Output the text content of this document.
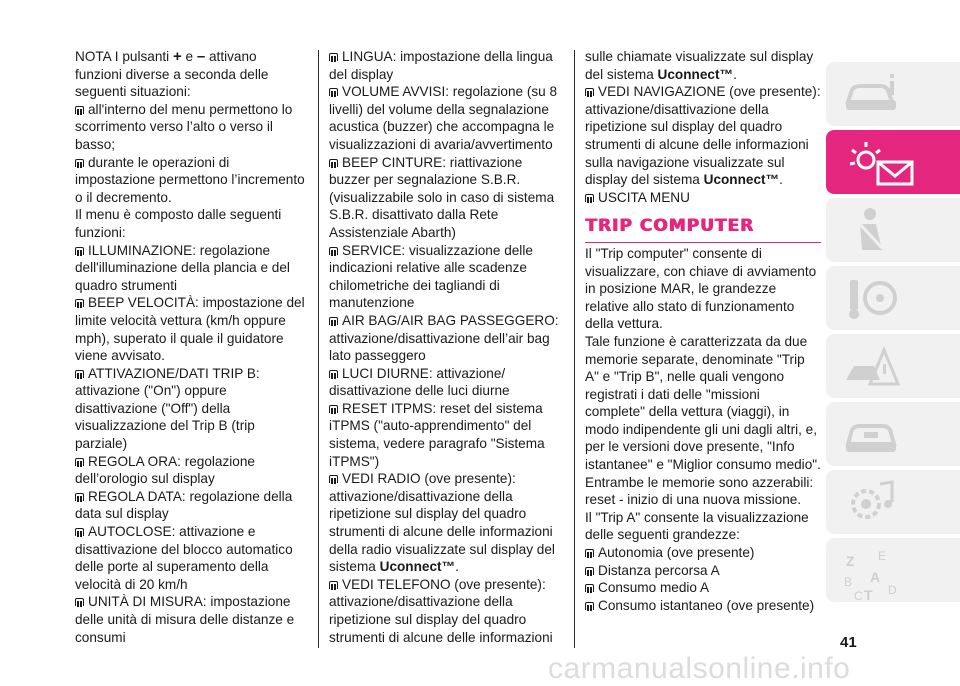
NOTA I pulsanti + e – attivano funzioni diverse a seconda delle seguenti situazioni:

all'interno del menu permettono lo scorrimento verso l’alto o verso il basso;

durante le operazioni di impostazione permettono l’incremento o il decremento.

Il menu è composto dalle seguenti funzioni:

ILLUMINAZIONE: regolazione dell'illuminazione della plancia e del quadro strumenti

BEEP VELOCITÀ: impostazione del limite velocità vettura (km/h oppure mph), superato il quale il guidatore viene avvisato.

ATTIVAZIONE/DATI TRIP B: attivazione ("On") oppure disattivazione ("Off") della visualizzazione del Trip B (trip parziale)

REGOLA ORA: regolazione dell’orologio sul display

REGOLA DATA: regolazione della data sul display

AUTOCLOSE: attivazione e disattivazione del blocco automatico delle porte al superamento della velocità di 20 km/h

UNITÀ DI MISURA: impostazione delle unità di misura delle distanze e consumi

LINGUA: impostazione della lingua del display

VOLUME AVVISI: regolazione (su 8 livelli) del volume della segnalazione acustica (buzzer) che accompagna le visualizzazioni di avaria/avvertimento

BEEP CINTURE: riattivazione buzzer per segnalazione S.B.R. (visualizzabile solo in caso di sistema S.B.R. disattivato dalla Rete Assistenziale Abarth)

SERVICE: visualizzazione delle indicazioni relative alle scadenze chilometriche dei tagliandi di manutenzione

AIR BAG/AIR BAG PASSEGGERO: attivazione/disattivazione dell’air bag lato passeggero

LUCI DIURNE: attivazione/ disattivazione delle luci diurne

RESET ITPMS: reset del sistema iTPMS ("auto-apprendimento" del sistema, vedere paragrafo "Sistema iTPMS")

VEDI RADIO (ove presente): attivazione/disattivazione della ripetizione sul display del quadro strumenti di alcune delle informazioni della radio visualizzate sul display del sistema Uconnect™.

VEDI TELEFONO (ove presente): attivazione/disattivazione della ripetizione sul display del quadro strumenti di alcune delle informazioni

sulle chiamate visualizzate sul display del sistema Uconnect™.

VEDI NAVIGAZIONE (ove presente): attivazione/disattivazione della ripetizione sul display del quadro strumenti di alcune delle informazioni sulla navigazione visualizzate sul display del sistema Uconnect™.

USCITA MENU

TRIP COMPUTER

Il "Trip computer" consente di visualizzare, con chiave di avviamento in posizione MAR, le grandezze relative allo stato di funzionamento della vettura.

Tale funzione è caratterizzata da due memorie separate, denominate "Trip A" e "Trip B", nelle quali vengono registrati i dati delle "missioni complete" della vettura (viaggi), in modo indipendente gli uni dagli altri, e, per le versioni dove presente, "Info istantanee" e "Miglior consumo medio".

Entrambe le memorie sono azzerabili: reset - inizio di una nuova missione.

Il "Trip A" consente la visualizzazione delle seguenti grandezze:

Autonomia (ove presente)

Distanza percorsa A

Consumo medio A

Consumo istantaneo (ove presente)

Z E
B A
C T D
41
carmanualsonline.info
